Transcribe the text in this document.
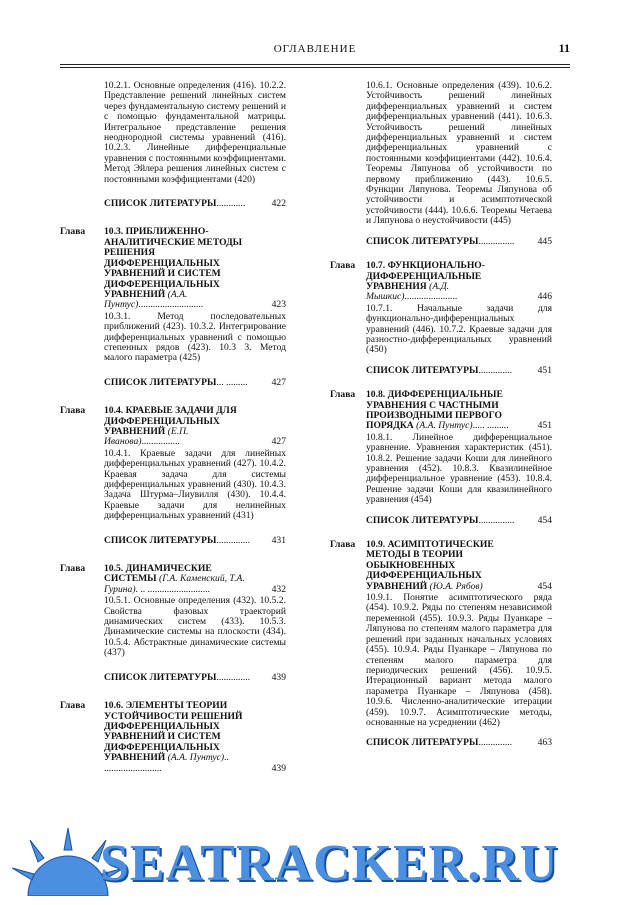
ОГЛАВЛЕНИЕ	11
10.2.1. Основные определения (416). 10.2.2. Представление решений линейных систем через фундаментальную систему решений и с помощью фундаментальной матрицы. Интегральное представление решения неоднородной системы уравнений (416). 10.2.3. Линейные дифференциальные уравнения с постоянными коэффициентами. Метод Эйлера решения линейных систем с постоянными коэффициентами (420)
СПИСОК ЛИТЕРАТУРЫ............	422
Глава 10.3. ПРИБЛИЖЕННО-АНАЛИТИЧЕСКИЕ МЕТОДЫ РЕШЕНИЯ ДИФФЕРЕНЦИАЛЬНЫХ УРАВНЕНИЙ И СИСТЕМ ДИФФЕРЕНЦИАЛЬНЫХ УРАВНЕНИЙ (А.А. Пунтус)...........................	423
10.3.1. Метод последовательных приближений (423). 10.3.2. Интегрирование дифференциальных уравнений с помощью степенных рядов (423). 10.3 3. Метод малого параметра (425)
СПИСОК ЛИТЕРАТУРЫ... ......... 427
Глава 10.4. КРАЕВЫЕ ЗАДАЧИ ДЛЯ ДИФФЕРЕНЦИАЛЬНЫХ УРАВНЕНИЙ (Е.П. Иванова)................	427
10.4.1. Краевые задачи для линейных дифференциальных уравнений (427). 10.4.2. Краевая задача для системы дифференциальных уравнений (430). 10.4.3. Задача Штурма–Лиувилля (430). 10.4.4. Краевые задачи для нелинейных дифференциальных уравнений (431)
СПИСОК ЛИТЕРАТУРЫ.............. 431
Глава 10.5. ДИНАМИЧЕСКИЕ СИСТЕМЫ (Г.А. Каменский, Т.А. Гурина). .. ..........................	432
10.5.1. Основные определения (432). 10.5.2. Свойства фазовых траекторий динамических систем (433). 10.5.3. Динамические системы на плоскости (434). 10.5.4. Абстрактные динамические системы (437)
СПИСОК ЛИТЕРАТУРЫ.............. 439
Глава 10.6. ЭЛЕМЕНТЫ ТЕОРИИ УСТОЙЧИВОСТИ РЕШЕНИЙ ДИФФЕРЕНЦИАЛЬНЫХ УРАВНЕНИЙ И СИСТЕМ ДИФФЕРЕНЦИАЛЬНЫХ УРАВНЕНИЙ (А.А. Пунтус).. ........................	439
10.6.1. Основные определения (439). 10.6.2. Устойчивость решений линейных дифференциальных уравнений и систем дифференциальных уравнений (441). 10.6.3. Устойчивость решений линейных дифференциальных уравнений и систем дифференциальных уравнений с постоянными коэффициентами (442). 10.6.4. Теоремы Ляпунова об устойчивости по первому приближению (443). 10.6.5. Функции Ляпунова. Теоремы Ляпунова об устойчивости и асимптотической устойчивости (444). 10.6.6. Теоремы Четаева и Ляпунова о неустойчивости (445)
СПИСОК ЛИТЕРАТУРЫ............... 445
Глава 10.7. ФУНКЦИОНАЛЬНО-ДИФФЕРЕНЦИАЛЬНЫЕ УРАВНЕНИЯ (А.Д. Мышкис)......................	446
10.7.1. Начальные задачи для функционально-дифференциальных уравнений (446). 10.7.2. Краевые задачи для разностно-дифференциальных уравнений (450)
СПИСОК ЛИТЕРАТУРЫ..............	451
Глава 10.8. ДИФФЕРЕНЦИАЛЬНЫЕ УРАВНЕНИЯ С ЧАСТНЫМИ ПРОИЗВОДНЫМИ ПЕРВОГО ПОРЯДКА (А.А. Пунтус)..... .........	451
10.8.1. Линейное дифференциальное уравнение. Уравнения характеристик (451). 10.8.2. Решение задачи Коши для линейного уравнения (452). 10.8.3. Квазилинейное дифференциальное уравнение (453). 10.8.4. Решение задачи Коши для квазилинейного уравнения (454)
СПИСОК ЛИТЕРАТУРЫ............... 454
Глава 10.9. АСИМПТОТИЧЕСКИЕ МЕТОДЫ В ТЕОРИИ ОБЫКНОВЕННЫХ ДИФФЕРЕНЦИАЛЬНЫХ УРАВНЕНИЙ (Ю.А. Рябов)	454
10.9.1. Понятие асимптотического ряда (454). 10.9.2. Ряды по степеням независимой переменной (455). 10.9.3. Ряды Пуанкаре – Ляпунова по степеням малого параметра для решений при заданных начальных условиях (455). 10.9.4. Ряды Пуанкаре – Ляпунова по степеням малого параметра для периодических решений (456). 10.9.5. Итерационный вариант метода малого параметра Пуанкаре – Ляпунова (458). 10.9.6. Численно-аналитические итерации (459). 10.9.7. Асимптотические методы, основанные на усреднении (462)
СПИСОК ЛИТЕРАТУРЫ..............	463
SEATRACKER.RU
